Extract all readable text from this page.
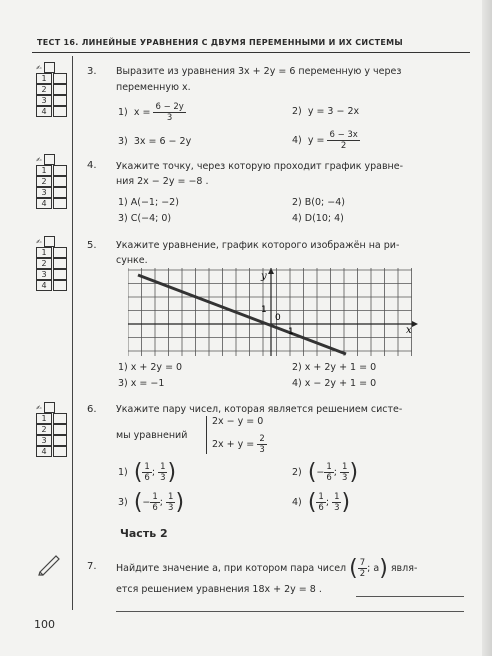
ТЕСТ 16. ЛИНЕЙНЫЕ УРАВНЕНИЯ С ДВУМЯ ПЕРЕМЕННЫМИ И ИХ СИСТЕМЫ
✍
1
2
3
4
3. Выразите из уравнения 3x + 2y = 6 переменную y через
переменную x.
1) $x = \frac{6 - 2y}{3}$	2) y = 3 − 2x
3) 3x = 6 − 2y	4) $y = \frac{6 - 3x}{2}$
✍
1
2
3
4
4. Укажите точку, через которую проходит график уравне-
ния 2x − 2y = −8 .
1) A(−1; −2)	2) B(0; −4)
3) C(−4; 0)	4) D(10; 4)
✍
1
2
3
4
5. Укажите уравнение, график которого изображён на ри-
сунке.
y
x
0
1
1
1) x + 2y = 0	2) x + 2y + 1 = 0
3) x = −1	4) x − 2y + 1 = 0
✍
1
2
3
4
6. Укажите пару чисел, которая является решением систе-
мы уравнений
2x − y = 0
$2x + y = \frac{2}{3}$
1) ( $\frac{1}{6}$ ; $\frac{1}{3}$ )	2) (− $\frac{1}{6}$ ; $\frac{1}{3}$ )
3) (− $\frac{1}{6}$ ; $\frac{1}{3}$ )	4) ( $\frac{1}{6}$ ; $\frac{1}{3}$ )
Часть 2
7. Найдите значение a, при котором пара чисел ( $\frac{7}{2}$ ; a) явля-
ется решением уравнения 18x + 2y = 8 .
100
